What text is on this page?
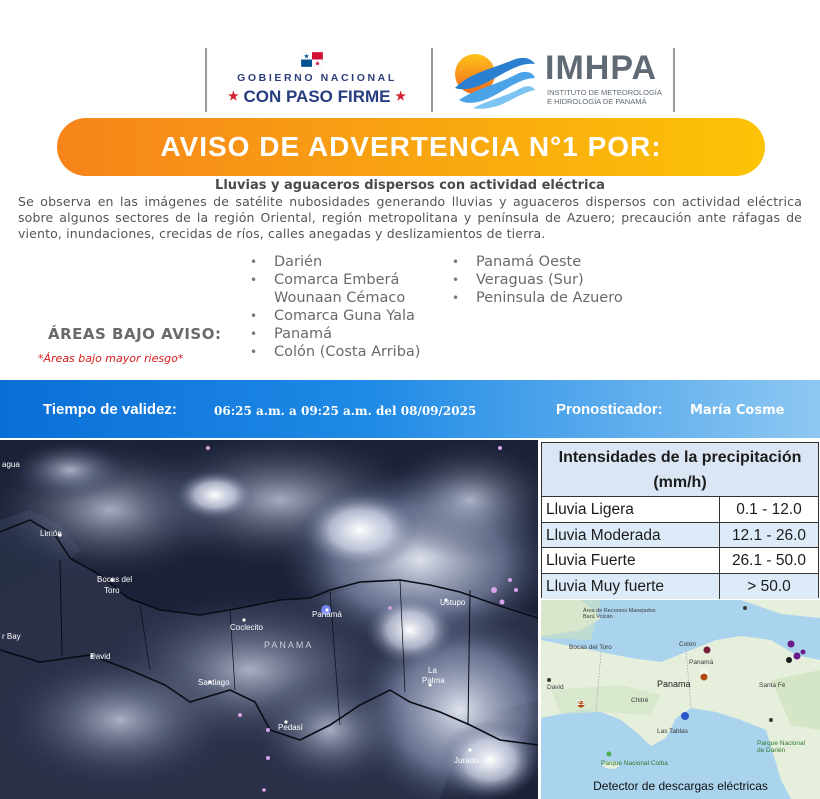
GOBIERNO NACIONAL
★ CON PASO FIRME ★
IMHPA
INSTITUTO DE METEOROLOGÍA
E HIDROLOGÍA DE PANAMÁ
AVISO DE ADVERTENCIA N°1 POR:
Lluvias y aguaceros dispersos con actividad eléctrica
Se observa en las imágenes de satélite nubosidades generando lluvias y aguaceros dispersos con actividad eléctrica sobre algunos sectores de la región Oriental, región metropolitana y península de Azuero; precaución ante ráfagas de viento, inundaciones, crecidas de ríos, calles anegadas y deslizamientos de tierra.
ÁREAS BAJO AVISO:
*Áreas bajo mayor riesgo*
• Darién
• Comarca Emberá Wounaan Cémaco
• Comarca Guna Yala
• Panamá
• Colón (Costa Arriba)
• Panamá Oeste
• Veraguas (Sur)
• Peninsula de Azuero
Tiempo de validez:	06:25 a.m. a 09:25 a.m. del 08/09/2025	Pronosticador: María Cosme
agua
Limón
Bocas del
Toro
r Bay
David
Santiago
Coclecito
Panamá
PANAMA
Pedasí
La
Palma
Jurado
Ustupo
Intensidades de la precipitación
(mm/h)
Lluvia Ligera	0.1 - 12.0
Lluvia Moderada	12.1 - 26.0
Lluvia Fuerte	26.1 - 50.0
Lluvia Muy fuerte	> 50.0
Bocas del Toro	Colón
Panamá
Panama
David
Chitré
Las Tablas
Santa Fé
Área de Recursos Manejados Barú Volcán
Parque Nacional Coiba
Parque Nacional de Darién
23
23
Detector de descargas eléctricas
